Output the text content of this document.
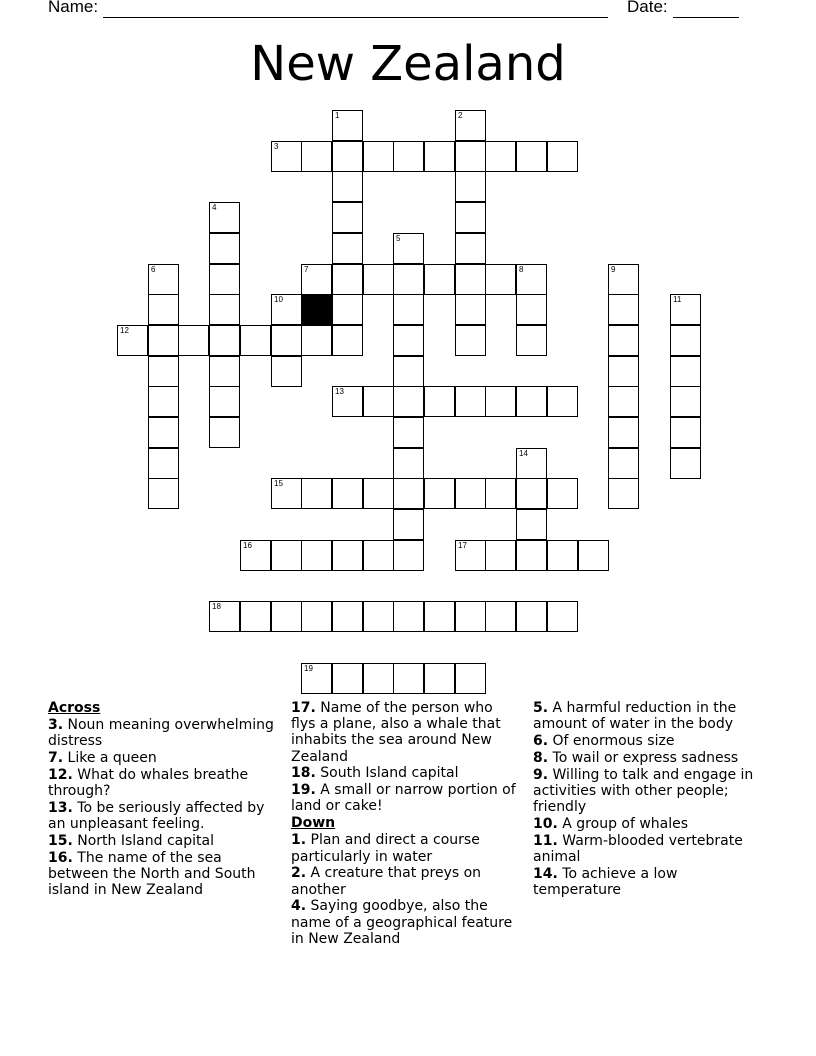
Name:	Date:
New Zealand
1	2
3
4
5
6	7	8	9
10	11
12
13
14
15
16	17
18
19
Across
3. Noun meaning overwhelming distress
7. Like a queen
12. What do whales breathe through?
13. To be seriously affected by an unpleasant feeling.
15. North Island capital
16. The name of the sea between the North and South island in New Zealand
17. Name of the person who flys a plane, also a whale that inhabits the sea around New Zealand
18. South Island capital
19. A small or narrow portion of land or cake!
Down
1. Plan and direct a course particularly in water
2. A creature that preys on another
4. Saying goodbye, also the name of a geographical feature in New Zealand
5. A harmful reduction in the amount of water in the body
6. Of enormous size
8. To wail or express sadness
9. Willing to talk and engage in activities with other people; friendly
10. A group of whales
11. Warm-blooded vertebrate animal
14. To achieve a low temperature
